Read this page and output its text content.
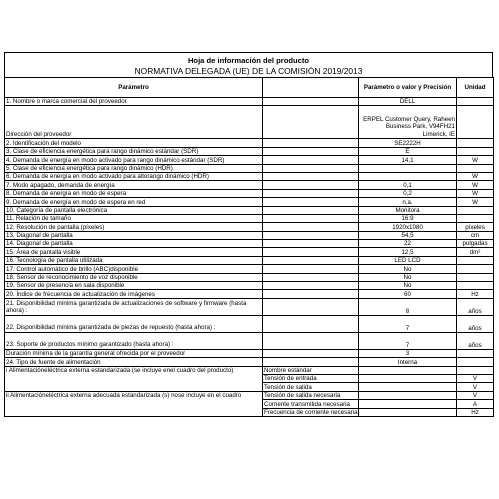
Hoja de información del producto
NORMATIVA DELEGADA (UE) DE LA COMISIÓN 2019/2013
Parámetro		Parámetro o valor y Precisión	Unidad
1. Nombre o marca comercial del proveedor		DELL	
Dirección del proveedor		ERPEL Customer Query, Raheen Business Park, V94FH21 Limerick, IE	
2. Identificación del modelo		SE2222H	
3. Clase de eficiencia energética para rango dinámico estándar (SDR)		E	
4. Demanda de energía en modo activado para rango dinámico estándar (SDR)		14,1	W
5. Clase de eficiencia energética para rango dinámico (HDR)			
6. Demanda de energía en modo activado para altorango dinámico (HDR)			W
7. Modo apagado, demanda de energía		0,1	W
8. Demanda de energía en modo de espera		0,2	W
9. Demanda de energía en modo de espera en red		n.a.	W
10. Categoría de pantalla electrónica		Monitora	
11. Relación de tamaño		16:9	
12. Resolución de pantalla (píxeles)		1920x1080	píxeles
13. Diagonal de pantalla		54,5	cm
14. Diagonal de pantalla		22	pulgadas
15. Área de pantalla visible		12,5	dm²
16. Tecnología de pantalla utilizada		LED LCD	
17. Control automático de brillo (ABC)disponible		No	
18. Sensor de reconocimiento de voz disponible		No	
19. Sensor de presencia en sala disponible		No	
20. Índice de frecuencia de actualización de imágenes		60	Hz
21. Disponibilidad mínima garantizada de actualizaciones de software y firmware (hasta ahora) :		8	años
22. Disponibilidad mínima garantizada de piezas de repuesto (hasta ahora) :		7	años
23. Soporte de productos mínimo garantizado (hasta ahora) :		7	años
Duración mínima de la garantía general ofrecida por el proveedor		3	
24. Tipo de fuente de alimentación		Interna	
i Alimentacióneléctrica externa estandarizada (se incluye enel cuadro del producto)	Nombre estándar		
	Tensión de entrada		V
	Tensión de salida		V
ii Alimentacióneléctrica externa adecuada estandarizada (s) nose incluye en el cuadro	Tensión de salida necesaria		V
	Corriente transmitida necesaria		A
	Frecuencia de corriente necesaria		Hz
